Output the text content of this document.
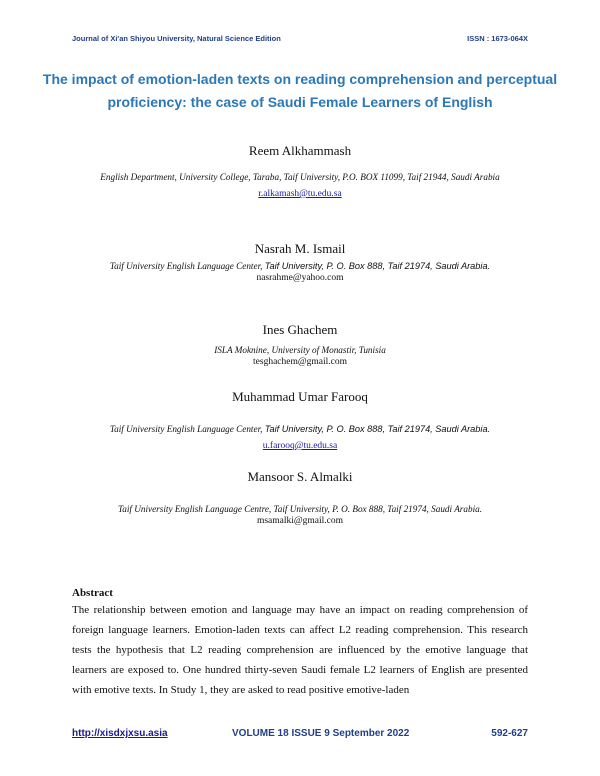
Journal of Xi'an Shiyou University, Natural Science Edition	ISSN : 1673-064X
The impact of emotion-laden texts on reading comprehension and perceptual proficiency: the case of Saudi Female Learners of English
Reem Alkhammash
English Department, University College, Taraba, Taif University, P.O. BOX 11099, Taif 21944, Saudi Arabia
r.alkamash@tu.edu.sa
Nasrah M. Ismail
Taif University English Language Center, Taif University, P. O. Box 888, Taif 21974, Saudi Arabia.
nasrahme@yahoo.com
Ines Ghachem
ISLA Moknine, University of Monastir, Tunisia
tesghachem@gmail.com
Muhammad Umar Farooq
Taif University English Language Center, Taif University, P. O. Box 888, Taif 21974, Saudi Arabia.
u.farooq@tu.edu.sa
Mansoor S. Almalki
Taif University English Language Centre, Taif University, P. O. Box 888, Taif 21974, Saudi Arabia.
msamalki@gmail.com
Abstract

The relationship between emotion and language may have an impact on reading comprehension of foreign language learners. Emotion-laden texts can affect L2 reading comprehension. This research tests the hypothesis that L2 reading comprehension are influenced by the emotive language that learners are exposed to. One hundred thirty-seven Saudi female L2 learners of English are presented with emotive texts. In Study 1, they are asked to read positive emotive-laden

http://xisdxjxsu.asia	VOLUME 18 ISSUE 9 September 2022	592-627
